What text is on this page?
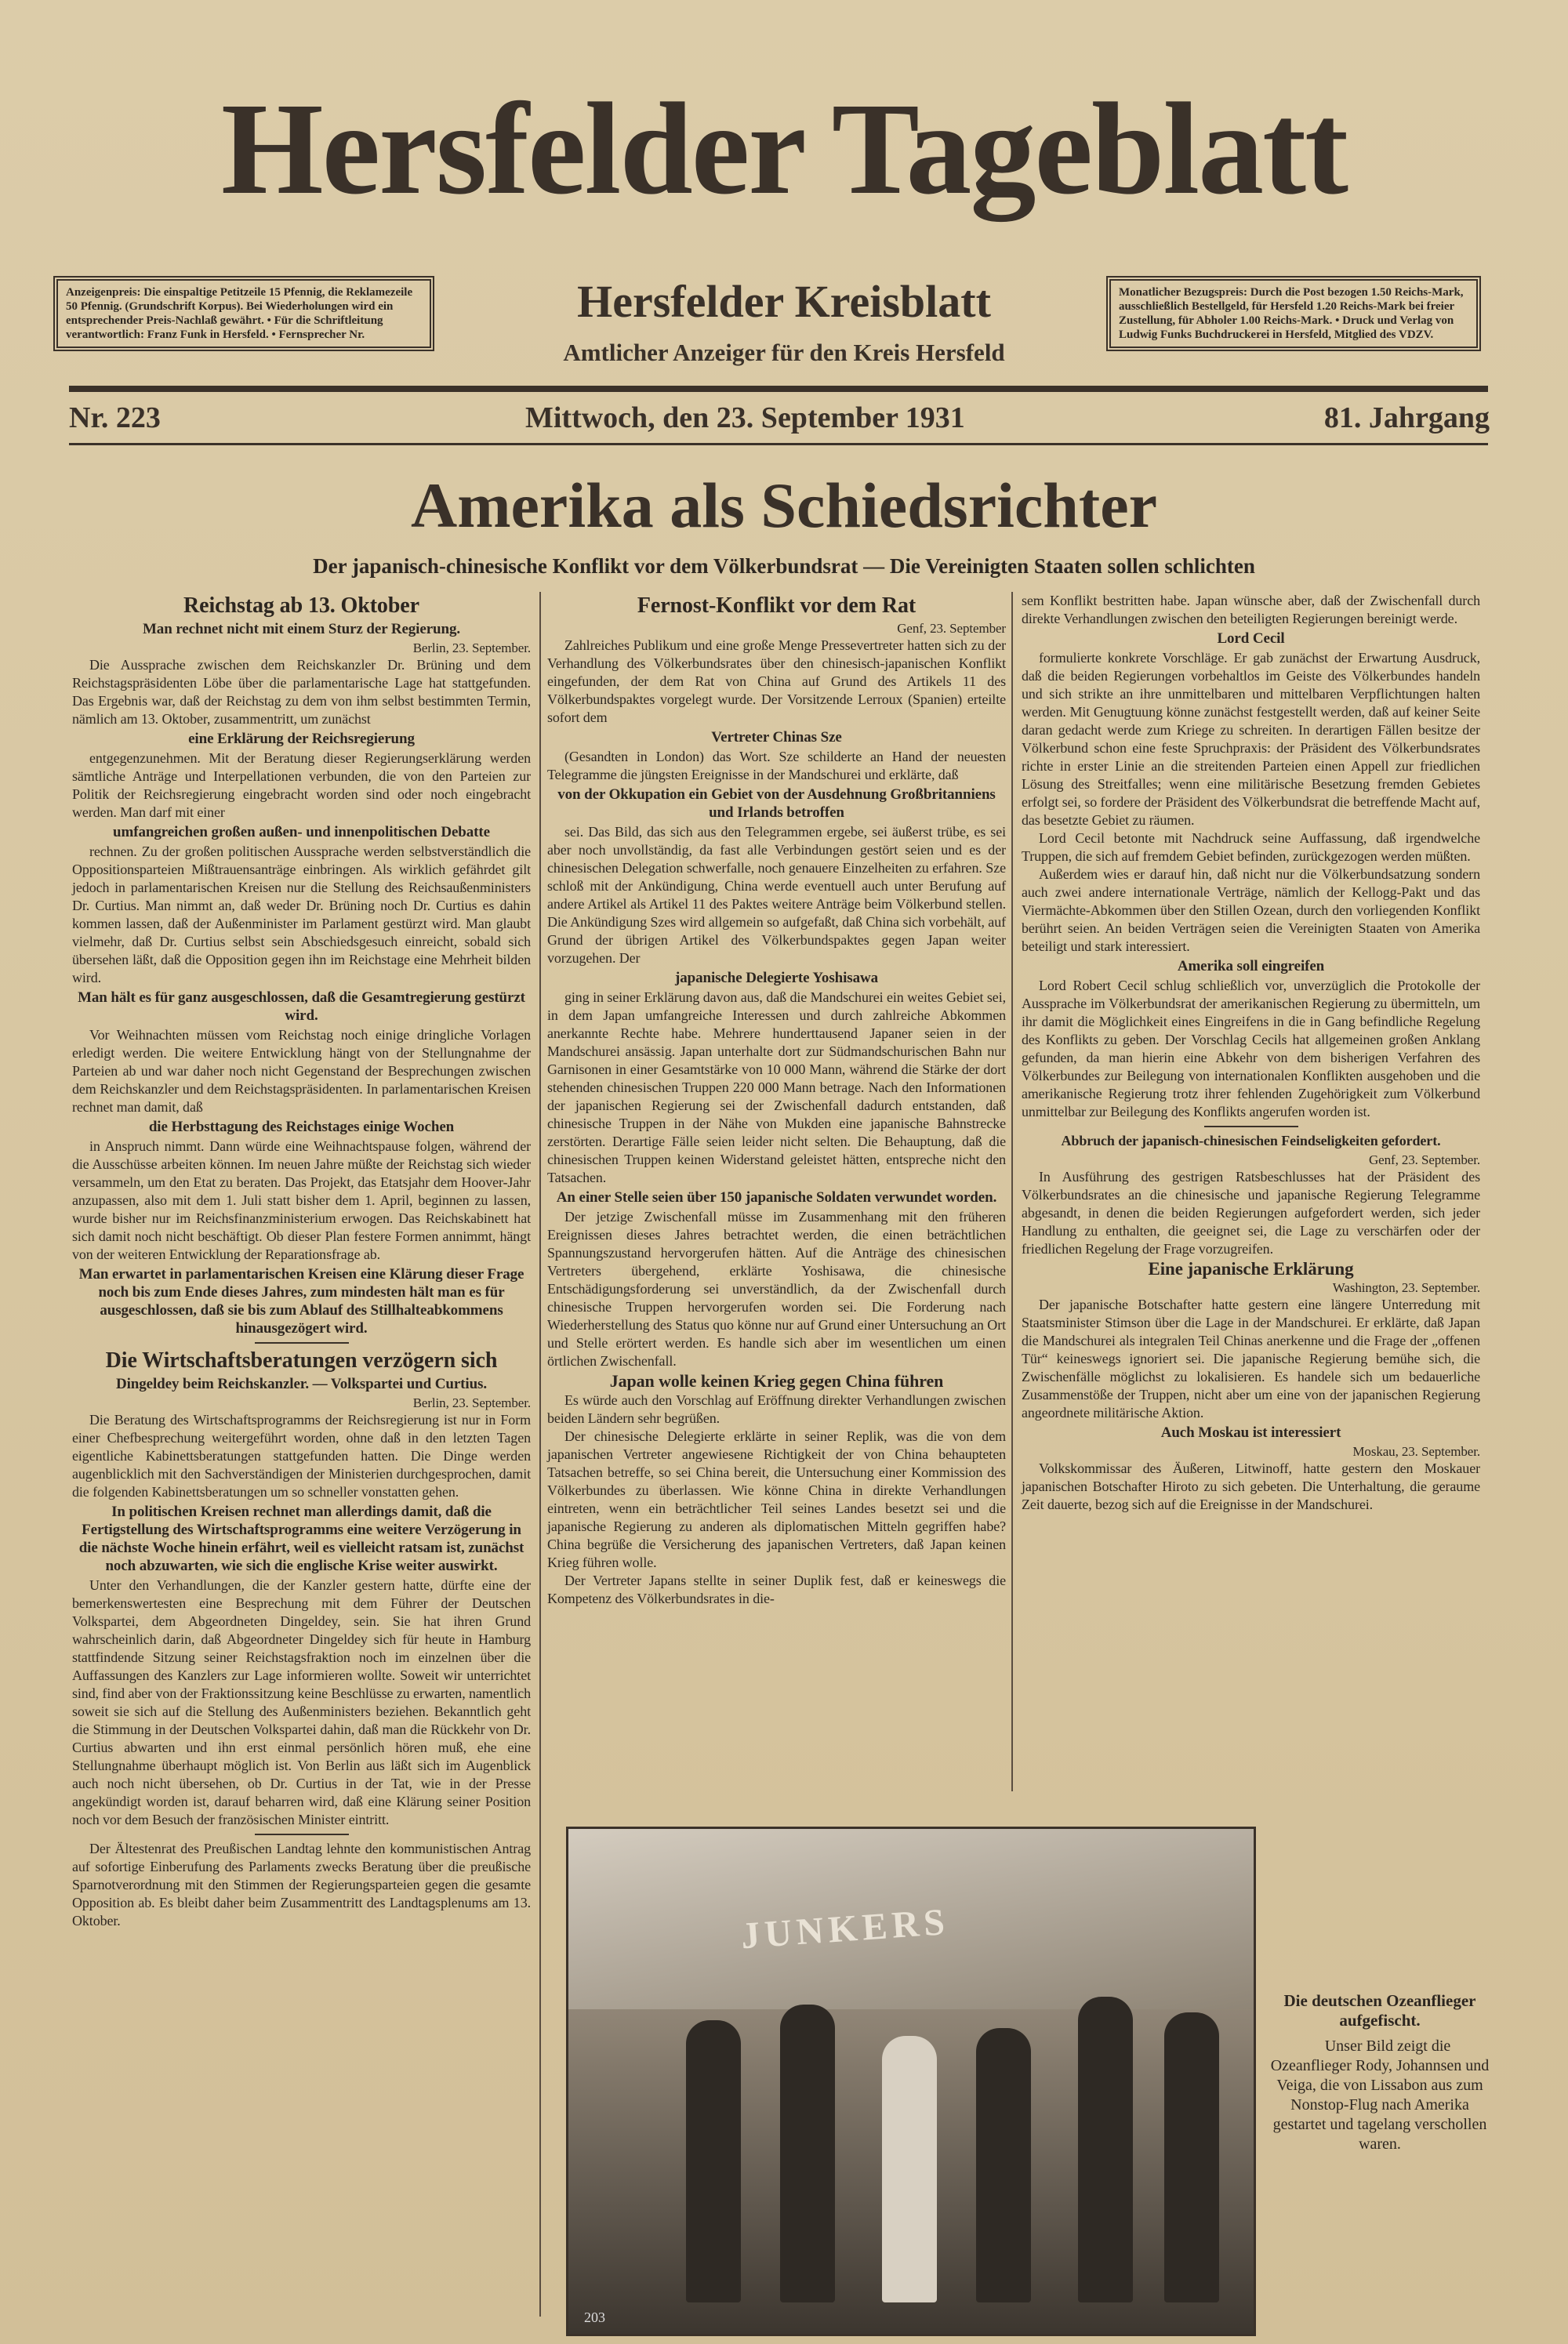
Hersfelder Tageblatt
Anzeigenpreis: Die einspaltige Petitzeile 15 Pfennig, die Reklamezeile 50 Pfennig. (Grundschrift Korpus). Bei Wiederholungen wird ein entsprechender Preis-Nachlaß gewährt. • Für die Schriftleitung verantwortlich: Franz Funk in Hersfeld. • Fernsprecher Nr.
Monatlicher Bezugspreis: Durch die Post bezogen 1.50 Reichs-Mark, ausschließlich Bestellgeld, für Hersfeld 1.20 Reichs-Mark bei freier Zustellung, für Abholer 1.00 Reichs-Mark. • Druck und Verlag von Ludwig Funks Buchdruckerei in Hersfeld, Mitglied des VDZV.
Hersfelder Kreisblatt
Amtlicher Anzeiger für den Kreis Hersfeld
Nr. 223	Mittwoch, den 23. September 1931	81. Jahrgang
Amerika als Schiedsrichter
Der japanisch-chinesische Konflikt vor dem Völkerbundsrat — Die Vereinigten Staaten sollen schlichten
Reichstag ab 13. Oktober
Man rechnet nicht mit einem Sturz der Regierung.
Berlin, 23. September.

Die Aussprache zwischen dem Reichskanzler Dr. Brüning und dem Reichstagspräsidenten Löbe über die parlamentarische Lage hat stattgefunden. Das Ergebnis war, daß der Reichstag zu dem von ihm selbst bestimmten Termin, nämlich am 13. Oktober, zusammentritt, um zunächst

eine Erklärung der Reichsregierung

entgegenzunehmen. Mit der Beratung dieser Regierungserklärung werden sämtliche Anträge und Interpellationen verbunden, die von den Parteien zur Politik der Reichsregierung eingebracht worden sind oder noch eingebracht werden. Man darf mit einer

umfangreichen großen außen- und innenpolitischen Debatte

rechnen. Zu der großen politischen Aussprache werden selbstverständlich die Oppositionsparteien Mißtrauensanträge einbringen. Als wirklich gefährdet gilt jedoch in parlamentarischen Kreisen nur die Stellung des Reichsaußenministers Dr. Curtius. Man nimmt an, daß weder Dr. Brüning noch Dr. Curtius es dahin kommen lassen, daß der Außenminister im Parlament gestürzt wird. Man glaubt vielmehr, daß Dr. Curtius selbst sein Abschiedsgesuch einreicht, sobald sich übersehen läßt, daß die Opposition gegen ihn im Reichstage eine Mehrheit bilden wird.

Man hält es für ganz ausgeschlossen, daß die Gesamtregierung gestürzt wird.

Vor Weihnachten müssen vom Reichstag noch einige dringliche Vorlagen erledigt werden. Die weitere Entwicklung hängt von der Stellungnahme der Parteien ab und war daher noch nicht Gegenstand der Besprechungen zwischen dem Reichskanzler und dem Reichstagspräsidenten. In parlamentarischen Kreisen rechnet man damit, daß

die Herbsttagung des Reichstages einige Wochen

in Anspruch nimmt. Dann würde eine Weihnachtspause folgen, während der die Ausschüsse arbeiten können. Im neuen Jahre müßte der Reichstag sich wieder versammeln, um den Etat zu beraten. Das Projekt, das Etatsjahr dem Hoover-Jahr anzupassen, also mit dem 1. Juli statt bisher dem 1. April, beginnen zu lassen, wurde bisher nur im Reichsfinanzministerium erwogen. Das Reichskabinett hat sich damit noch nicht beschäftigt. Ob dieser Plan festere Formen annimmt, hängt von der weiteren Entwicklung der Reparationsfrage ab.

Man erwartet in parlamentarischen Kreisen eine Klärung dieser Frage noch bis zum Ende dieses Jahres, zum mindesten hält man es für ausgeschlossen, daß sie bis zum Ablauf des Stillhalteabkommens hinausgezögert wird.
Die Wirtschaftsberatungen verzögern sich
Dingeldey beim Reichskanzler. — Volkspartei und Curtius.
Berlin, 23. September.

Die Beratung des Wirtschaftsprogramms der Reichsregierung ist nur in Form einer Chefbesprechung weitergeführt worden, ohne daß in den letzten Tagen eigentliche Kabinettsberatungen stattgefunden hatten. Die Dinge werden augenblicklich mit den Sachverständigen der Ministerien durchgesprochen, damit die folgenden Kabinettsberatungen um so schneller vonstatten gehen.

In politischen Kreisen rechnet man allerdings damit, daß die Fertigstellung des Wirtschaftsprogramms eine weitere Verzögerung in die nächste Woche hinein erfährt, weil es vielleicht ratsam ist, zunächst noch abzuwarten, wie sich die englische Krise weiter auswirkt.

Unter den Verhandlungen, die der Kanzler gestern hatte, dürfte eine der bemerkenswertesten eine Besprechung mit dem Führer der Deutschen Volkspartei, dem Abgeordneten Dingeldey, sein. Sie hat ihren Grund wahrscheinlich darin, daß Abgeordneter Dingeldey sich für heute in Hamburg stattfindende Sitzung seiner Reichstagsfraktion noch im einzelnen über die Auffassungen des Kanzlers zur Lage informieren wollte. Soweit wir unterrichtet sind, find aber von der Fraktionssitzung keine Beschlüsse zu erwarten, namentlich soweit sie sich auf die Stellung des Außenministers beziehen. Bekanntlich geht die Stimmung in der Deutschen Volkspartei dahin, daß man die Rückkehr von Dr. Curtius abwarten und ihn erst einmal persönlich hören muß, ehe eine Stellungnahme überhaupt möglich ist. Von Berlin aus läßt sich im Augenblick auch noch nicht übersehen, ob Dr. Curtius in der Tat, wie in der Presse angekündigt worden ist, darauf beharren wird, daß eine Klärung seiner Position noch vor dem Besuch der französischen Minister eintritt.

Der Ältestenrat des Preußischen Landtag lehnte den kommunistischen Antrag auf sofortige Einberufung des Parlaments zwecks Beratung über die preußische Sparnotverordnung mit den Stimmen der Regierungsparteien gegen die gesamte Opposition ab. Es bleibt daher beim Zusammentritt des Landtagsplenums am 13. Oktober.

Fernost-Konflikt vor dem Rat
Genf, 23. September

Zahlreiches Publikum und eine große Menge Pressevertreter hatten sich zu der Verhandlung des Völkerbundsrates über den chinesisch-japanischen Konflikt eingefunden, der dem Rat von China auf Grund des Artikels 11 des Völkerbundspaktes vorgelegt wurde. Der Vorsitzende Lerroux (Spanien) erteilte sofort dem

Vertreter Chinas Sze

(Gesandten in London) das Wort. Sze schilderte an Hand der neuesten Telegramme die jüngsten Ereignisse in der Mandschurei und erklärte, daß

von der Okkupation ein Gebiet von der Ausdehnung Großbritanniens und Irlands betroffen

sei. Das Bild, das sich aus den Telegrammen ergebe, sei äußerst trübe, es sei aber noch unvollständig, da fast alle Verbindungen gestört seien und es der chinesischen Delegation schwerfalle, noch genauere Einzelheiten zu erfahren. Sze schloß mit der Ankündigung, China werde eventuell auch unter Berufung auf andere Artikel als Artikel 11 des Paktes weitere Anträge beim Völkerbund stellen. Die Ankündigung Szes wird allgemein so aufgefaßt, daß China sich vorbehält, auf Grund der übrigen Artikel des Völkerbundspaktes gegen Japan weiter vorzugehen. Der

japanische Delegierte Yoshisawa

ging in seiner Erklärung davon aus, daß die Mandschurei ein weites Gebiet sei, in dem Japan umfangreiche Interessen und durch zahlreiche Abkommen anerkannte Rechte habe. Mehrere hunderttausend Japaner seien in der Mandschurei ansässig. Japan unterhalte dort zur Südmandschurischen Bahn nur Garnisonen in einer Gesamtstärke von 10 000 Mann, während die Stärke der dort stehenden chinesischen Truppen 220 000 Mann betrage. Nach den Informationen der japanischen Regierung sei der Zwischenfall dadurch entstanden, daß chinesische Truppen in der Nähe von Mukden eine japanische Bahnstrecke zerstörten. Derartige Fälle seien leider nicht selten. Die Behauptung, daß die chinesischen Truppen keinen Widerstand geleistet hätten, entspreche nicht den Tatsachen.

An einer Stelle seien über 150 japanische Soldaten verwundet worden.

Der jetzige Zwischenfall müsse im Zusammenhang mit den früheren Ereignissen dieses Jahres betrachtet werden, die einen beträchtlichen Spannungszustand hervorgerufen hätten. Auf die Anträge des chinesischen Vertreters übergehend, erklärte Yoshisawa, die chinesische Entschädigungsforderung sei unverständlich, da der Zwischenfall durch chinesische Truppen hervorgerufen worden sei. Die Forderung nach Wiederherstellung des Status quo könne nur auf Grund einer Untersuchung an Ort und Stelle erörtert werden. Es handle sich aber im wesentlichen um einen örtlichen Zwischenfall.

Japan wolle keinen Krieg gegen China führen

Es würde auch den Vorschlag auf Eröffnung direkter Verhandlungen zwischen beiden Ländern sehr begrüßen.

Der chinesische Delegierte erklärte in seiner Replik, was die von dem japanischen Vertreter angewiesene Richtigkeit der von China behaupteten Tatsachen betreffe, so sei China bereit, die Untersuchung einer Kommission des Völkerbundes zu überlassen. Wie könne China in direkte Verhandlungen eintreten, wenn ein beträchtlicher Teil seines Landes besetzt sei und die japanische Regierung zu anderen als diplomatischen Mitteln gegriffen habe? China begrüße die Versicherung des japanischen Vertreters, daß Japan keinen Krieg führen wolle.

Der Vertreter Japans stellte in seiner Duplik fest, daß er keineswegs die Kompetenz des Völkerbundsrates in die-

sem Konflikt bestritten habe. Japan wünsche aber, daß der Zwischenfall durch direkte Verhandlungen zwischen den beteiligten Regierungen bereinigt werde.

Lord Cecil

formulierte konkrete Vorschläge. Er gab zunächst der Erwartung Ausdruck, daß die beiden Regierungen vorbehaltlos im Geiste des Völkerbundes handeln und sich strikte an ihre unmittelbaren und mittelbaren Verpflichtungen halten werden. Mit Genugtuung könne zunächst festgestellt werden, daß auf keiner Seite daran gedacht werde zum Kriege zu schreiten. In derartigen Fällen besitze der Völkerbund schon eine feste Spruchpraxis: der Präsident des Völkerbundsrates richte in erster Linie an die streitenden Parteien einen Appell zur friedlichen Lösung des Streitfalles; wenn eine militärische Besetzung fremden Gebietes erfolgt sei, so fordere der Präsident des Völkerbundsrat die betreffende Macht auf, das besetzte Gebiet zu räumen.

Lord Cecil betonte mit Nachdruck seine Auffassung, daß irgendwelche Truppen, die sich auf fremdem Gebiet befinden, zurückgezogen werden müßten.

Außerdem wies er darauf hin, daß nicht nur die Völkerbundsatzung sondern auch zwei andere internationale Verträge, nämlich der Kellogg-Pakt und das Viermächte-Abkommen über den Stillen Ozean, durch den vorliegenden Konflikt berührt seien. An beiden Verträgen seien die Vereinigten Staaten von Amerika beteiligt und stark interessiert.

Amerika soll eingreifen

Lord Robert Cecil schlug schließlich vor, unverzüglich die Protokolle der Aussprache im Völkerbundsrat der amerikanischen Regierung zu übermitteln, um ihr damit die Möglichkeit eines Eingreifens in die in Gang befindliche Regelung des Konflikts zu geben. Der Vorschlag Cecils hat allgemeinen großen Anklang gefunden, da man hierin eine Abkehr von dem bisherigen Verfahren des Völkerbundes zur Beilegung von internationalen Konflikten ausgehoben und die amerikanische Regierung trotz ihrer fehlenden Zugehörigkeit zum Völkerbund unmittelbar zur Beilegung des Konflikts angerufen worden ist.

Abbruch der japanisch-chinesischen Feindseligkeiten gefordert.
Genf, 23. September.

In Ausführung des gestrigen Ratsbeschlusses hat der Präsident des Völkerbundsrates an die chinesische und japanische Regierung Telegramme abgesandt, in denen die beiden Regierungen aufgefordert werden, sich jeder Handlung zu enthalten, die geeignet sei, die Lage zu verschärfen oder der friedlichen Regelung der Frage vorzugreifen.

Eine japanische Erklärung
Washington, 23. September.

Der japanische Botschafter hatte gestern eine längere Unterredung mit Staatsminister Stimson über die Lage in der Mandschurei. Er erklärte, daß Japan die Mandschurei als integralen Teil Chinas anerkenne und die Frage der „offenen Tür“ keineswegs ignoriert sei. Die japanische Regierung bemühe sich, die Zwischenfälle möglichst zu lokalisieren. Es handele sich um bedauerliche Zusammenstöße der Truppen, nicht aber um eine von der japanischen Regierung angeordnete militärische Aktion.

Auch Moskau ist interessiert
Moskau, 23. September.

Volkskommissar des Äußeren, Litwinoff, hatte gestern den Moskauer japanischen Botschafter Hiroto zu sich gebeten. Die Unterhaltung, die geraume Zeit dauerte, bezog sich auf die Ereignisse in der Mandschurei.

JUNKERS
203
Die deutschen Ozeanflieger aufgefischt.
Unser Bild zeigt die Ozeanflieger Rody, Johannsen und Veiga, die von Lissabon aus zum Nonstop-Flug nach Amerika gestartet und tagelang verschollen waren.
